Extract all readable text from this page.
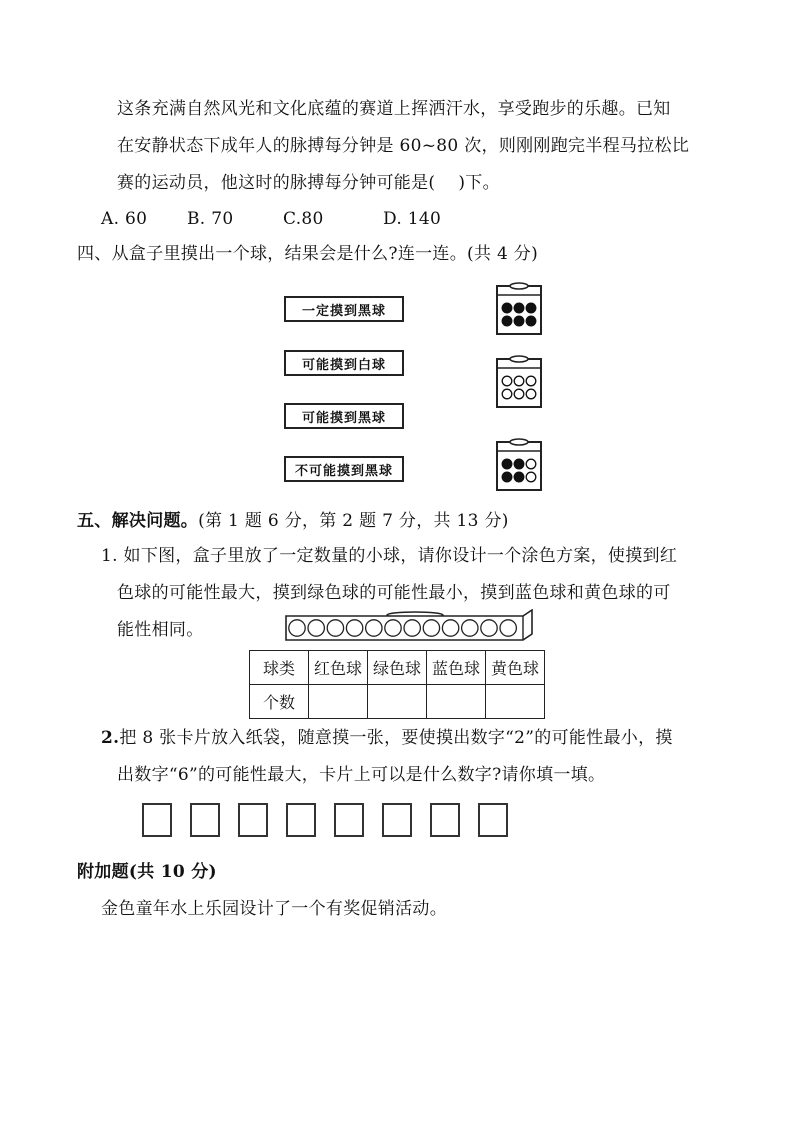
这条充满自然风光和文化底蕴的赛道上挥洒汗水，享受跑步的乐趣。已知
在安静状态下成年人的脉搏每分钟是 60~80 次，则刚刚跑完半程马拉松比
赛的运动员，他这时的脉搏每分钟可能是(　 )下。
A. 60 B. 70	C.80	D. 140
四、从盒子里摸出一个球，结果会是什么?连一连。(共 4 分)
一定摸到黑球
可能摸到白球
可能摸到黑球
不可能摸到黑球
五、解决问题。(第 1 题 6 分，第 2 题 7 分，共 13 分)
1. 如下图，盒子里放了一定数量的小球，请你设计一个涂色方案，使摸到红
色球的可能性最大，摸到绿色球的可能性最小，摸到蓝色球和黄色球的可
能性相同。
球类	红色球	绿色球	蓝色球	黄色球
个数				
2.把 8 张卡片放入纸袋，随意摸一张，要使摸出数字“2”的可能性最小，摸
出数字“6”的可能性最大，卡片上可以是什么数字?请你填一填。
附加题(共 10 分)
金色童年水上乐园设计了一个有奖促销活动。
